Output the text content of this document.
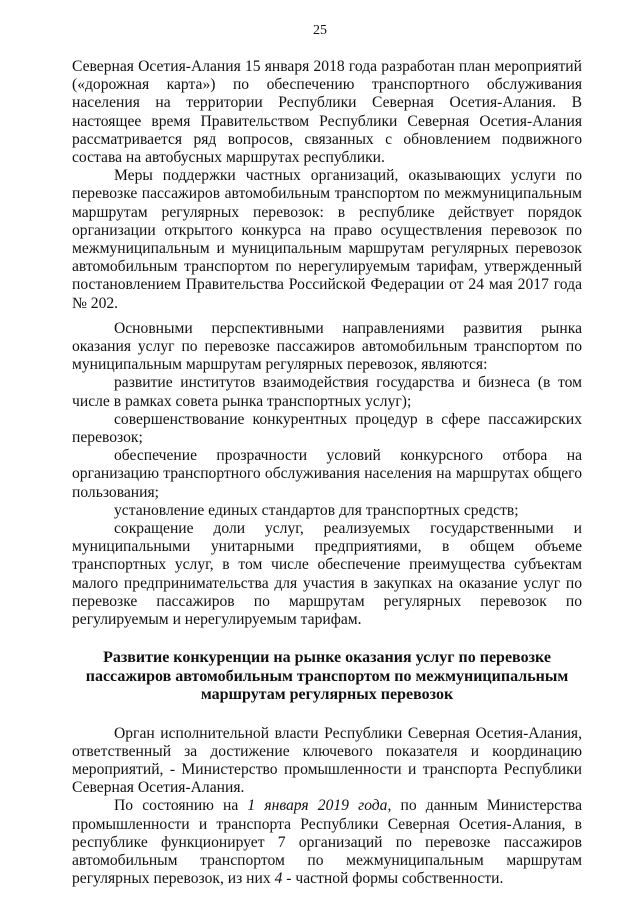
25

Северная Осетия-Алания 15 января 2018 года разработан план мероприятий («дорожная карта») по обеспечению транспортного обслуживания населения на территории Республики Северная Осетия-Алания. В настоящее время Правительством Республики Северная Осетия-Алания рассматривается ряд вопросов, связанных с обновлением подвижного состава на автобусных маршрутах республики.

Меры поддержки частных организаций, оказывающих услуги по перевозке пассажиров автомобильным транспортом по межмуниципальным маршрутам регулярных перевозок: в республике действует порядок организации открытого конкурса на право осуществления перевозок по межмуниципальным и муниципальным маршрутам регулярных перевозок автомобильным транспортом по нерегулируемым тарифам, утвержденный постановлением Правительства Российской Федерации от 24 мая 2017 года № 202.

Основными перспективными направлениями развития рынка оказания услуг по перевозке пассажиров автомобильным транспортом по муниципальным маршрутам регулярных перевозок, являются:

развитие институтов взаимодействия государства и бизнеса (в том числе в рамках совета рынка транспортных услуг);

совершенствование конкурентных процедур в сфере пассажирских перевозок;

обеспечение прозрачности условий конкурсного отбора на организацию транспортного обслуживания населения на маршрутах общего пользования;

установление единых стандартов для транспортных средств;

сокращение доли услуг, реализуемых государственными и муниципальными унитарными предприятиями, в общем объеме транспортных услуг, в том числе обеспечение преимущества субъектам малого предпринимательства для участия в закупках на оказание услуг по перевозке пассажиров по маршрутам регулярных перевозок по регулируемым и нерегулируемым тарифам.

Развитие конкуренции на рынке оказания услуг по перевозке

пассажиров автомобильным транспортом по межмуниципальным

маршрутам регулярных перевозок

Орган исполнительной власти Республики Северная Осетия-Алания, ответственный за достижение ключевого показателя и координацию мероприятий, - Министерство промышленности и транспорта Республики Северная Осетия-Алания.

По состоянию на 1 января 2019 года, по данным Министерства промышленности и транспорта Республики Северная Осетия-Алания, в республике функционирует 7 организаций по перевозке пассажиров автомобильным транспортом по межмуниципальным маршрутам регулярных перевозок, из них 4 - частной формы собственности.
